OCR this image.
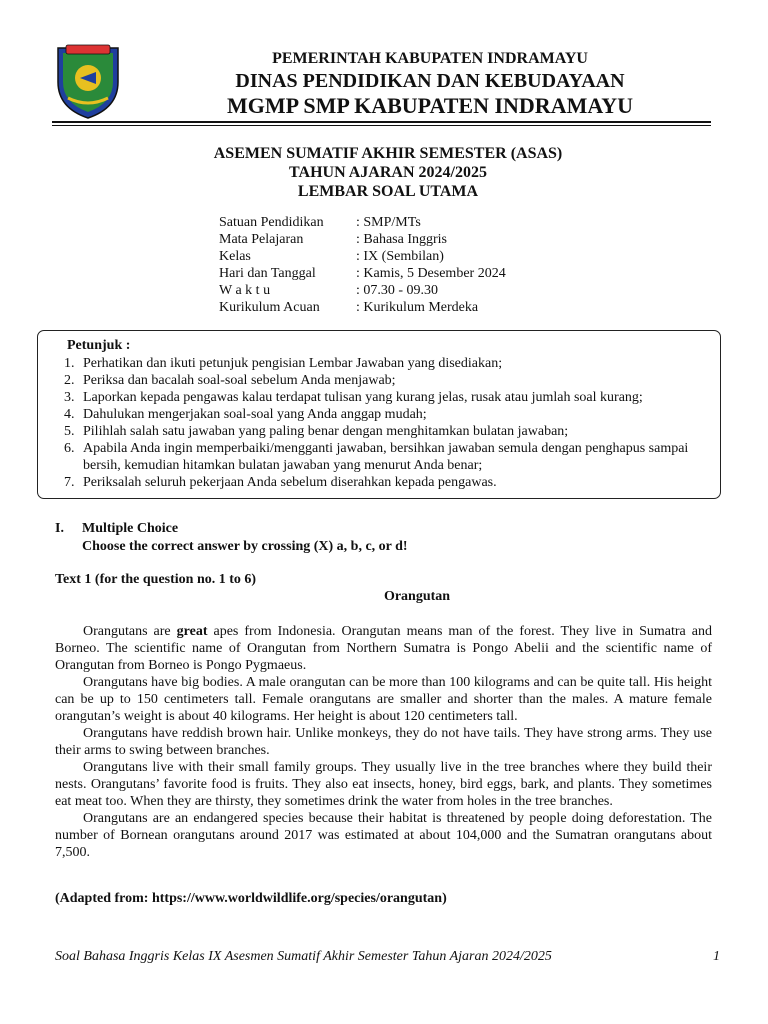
PEMERINTAH KABUPATEN INDRAMAYU
DINAS PENDIDIKAN DAN KEBUDAYAAN
MGMP SMP KABUPATEN INDRAMAYU
ASEMEN SUMATIF AKHIR SEMESTER (ASAS)
TAHUN AJARAN 2024/2025
LEMBAR SOAL UTAMA
Satuan Pendidikan	: SMP/MTs
Mata Pelajaran	: Bahasa Inggris
Kelas	: IX (Sembilan)
Hari dan Tanggal	: Kamis, 5 Desember 2024
W a k t u	: 07.30 - 09.30
Kurikulum Acuan	: Kurikulum Merdeka
Petunjuk :
1. Perhatikan dan ikuti petunjuk pengisian Lembar Jawaban yang disediakan;
2. Periksa dan bacalah soal-soal sebelum Anda menjawab;
3. Laporkan kepada pengawas kalau terdapat tulisan yang kurang jelas, rusak atau jumlah soal kurang;
4. Dahulukan mengerjakan soal-soal yang Anda anggap mudah;
5. Pilihlah salah satu jawaban yang paling benar dengan menghitamkan bulatan jawaban;
6. Apabila Anda ingin memperbaiki/mengganti jawaban, bersihkan jawaban semula dengan penghapus sampai bersih, kemudian hitamkan bulatan jawaban yang menurut Anda benar;
7. Periksalah seluruh pekerjaan Anda sebelum diserahkan kepada pengawas.
I. Multiple Choice
Choose the correct answer by crossing (X) a, b, c, or d!
Text 1 (for the question no. 1 to 6)
Orangutan

Orangutans are great apes from Indonesia. Orangutan means man of the forest. They live in Sumatra and Borneo. The scientific name of Orangutan from Northern Sumatra is Pongo Abelii and the scientific name of Orangutan from Borneo is Pongo Pygmaeus.

Orangutans have big bodies. A male orangutan can be more than 100 kilograms and can be quite tall. His height can be up to 150 centimeters tall. Female orangutans are smaller and shorter than the males. A mature female orangutan’s weight is about 40 kilograms. Her height is about 120 centimeters tall.

Orangutans have reddish brown hair. Unlike monkeys, they do not have tails. They have strong arms. They use their arms to swing between branches.

Orangutans live with their small family groups. They usually live in the tree branches where they build their nests. Orangutans’ favorite food is fruits. They also eat insects, honey, bird eggs, bark, and plants. They sometimes eat meat too. When they are thirsty, they sometimes drink the water from holes in the tree branches.

Orangutans are an endangered species because their habitat is threatened by people doing deforestation. The number of Bornean orangutans around 2017 was estimated at about 104,000 and the Sumatran orangutans about 7,500.

(Adapted from: https://www.worldwildlife.org/species/orangutan)
Soal Bahasa Inggris Kelas IX Asesmen Sumatif Akhir Semester Tahun Ajaran 2024/2025	1
